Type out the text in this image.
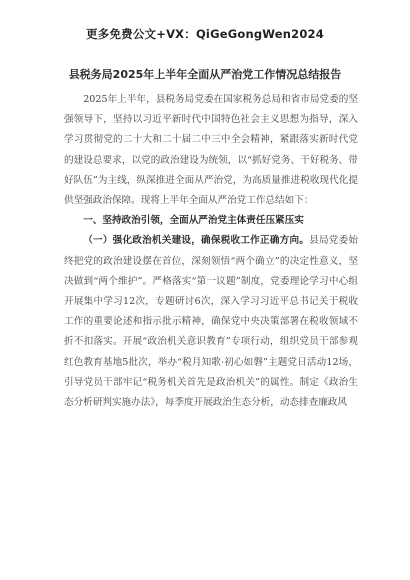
更多免费公文+VX：QiGeGongWen2024
县税务局2025年上半年全面从严治党工作情况总结报告

2025年上半年，县税务局党委在国家税务总局和省市局党委的坚强领导下，坚持以习近平新时代中国特色社会主义思想为指导，深入学习贯彻党的二十大和二十届二中三中全会精神，紧跟落实新时代党的建设总要求，以党的政治建设为统领，以“抓好党务、干好税务、带好队伍”为主线，纵深推进全面从严治党，为高质量推进税收现代化提供坚强政治保障。现将上半年全面从严治党工作总结如下：

一、坚持政治引领，全面从严治党主体责任压紧压实

（一）强化政治机关建设，确保税收工作正确方向。县局党委始终把党的政治建设摆在首位，深刻领悟“两个确立”的决定性意义，坚决做到“两个维护”。严格落实“第一议题”制度，党委理论学习中心组开展集中学习12次，专题研讨6次，深入学习习近平总书记关于税收工作的重要论述和指示批示精神，确保党中央决策部署在税收领域不折不扣落实。开展“政治机关意识教育”专项行动，组织党员干部参观红色教育基地5批次，举办“税月知歌·初心如磐”主题党日活动12场，引导党员干部牢记“税务机关首先是政治机关”的属性。制定《政治生态分析研判实施办法》，每季度开展政治生态分析，动态排查廉政风
